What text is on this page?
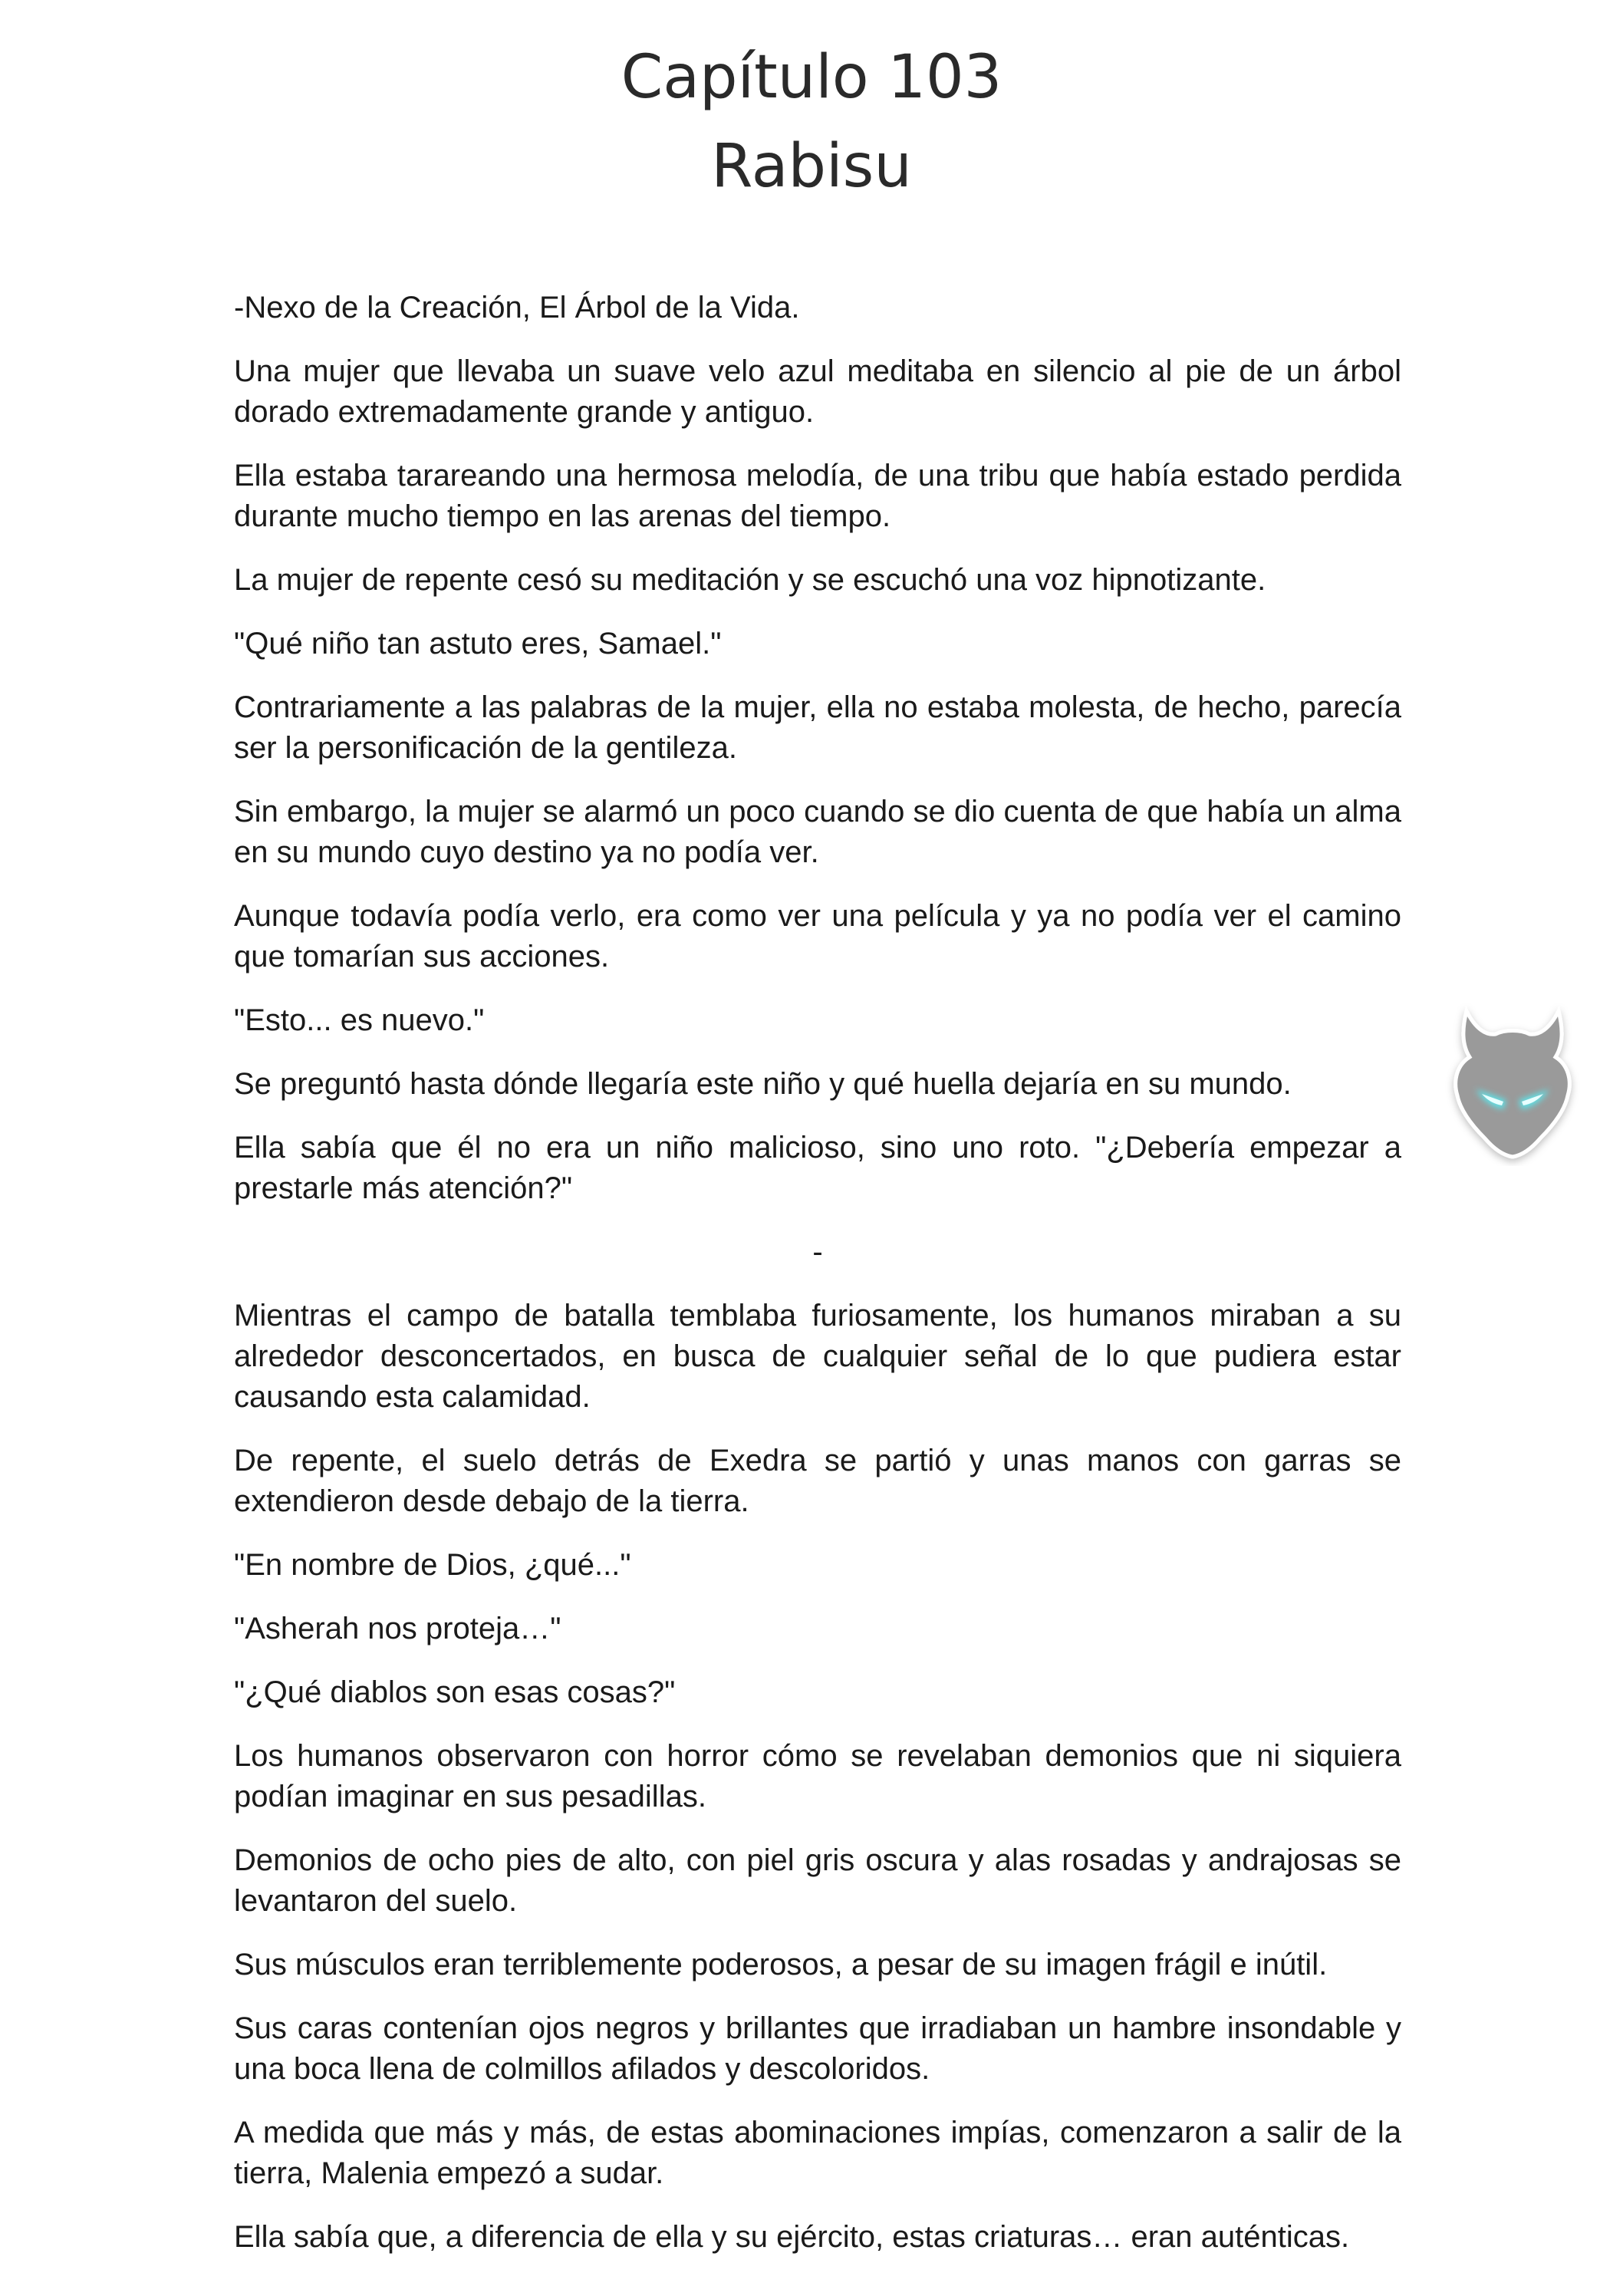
Capítulo 103
Rabisu

-Nexo de la Creación, El Árbol de la Vida.

Una mujer que llevaba un suave velo azul meditaba en silencio al pie de un árbol dorado extremadamente grande y antiguo.

Ella estaba tarareando una hermosa melodía, de una tribu que había estado perdida durante mucho tiempo en las arenas del tiempo.

La mujer de repente cesó su meditación y se escuchó una voz hipnotizante.

"Qué niño tan astuto eres, Samael."

Contrariamente a las palabras de la mujer, ella no estaba molesta, de hecho, parecía ser la personificación de la gentileza.

Sin embargo, la mujer se alarmó un poco cuando se dio cuenta de que había un alma en su mundo cuyo destino ya no podía ver.

Aunque todavía podía verlo, era como ver una película y ya no podía ver el camino que tomarían sus acciones.

"Esto... es nuevo."

Se preguntó hasta dónde llegaría este niño y qué huella dejaría en su mundo.

Ella sabía que él no era un niño malicioso, sino uno roto. "¿Debería empezar a prestarle más atención?"

-

Mientras el campo de batalla temblaba furiosamente, los humanos miraban a su alrededor desconcertados, en busca de cualquier señal de lo que pudiera estar causando esta calamidad.

De repente, el suelo detrás de Exedra se partió y unas manos con garras se extendieron desde debajo de la tierra.

"En nombre de Dios, ¿qué..."

"Asherah nos proteja…"

"¿Qué diablos son esas cosas?"

Los humanos observaron con horror cómo se revelaban demonios que ni siquiera podían imaginar en sus pesadillas.

Demonios de ocho pies de alto, con piel gris oscura y alas rosadas y andrajosas se levantaron del suelo.

Sus músculos eran terriblemente poderosos, a pesar de su imagen frágil e inútil.

Sus caras contenían ojos negros y brillantes que irradiaban un hambre insondable y una boca llena de colmillos afilados y descoloridos.

A medida que más y más, de estas abominaciones impías, comenzaron a salir de la tierra, Malenia empezó a sudar.

Ella sabía que, a diferencia de ella y su ejército, estas criaturas… eran auténticas.
